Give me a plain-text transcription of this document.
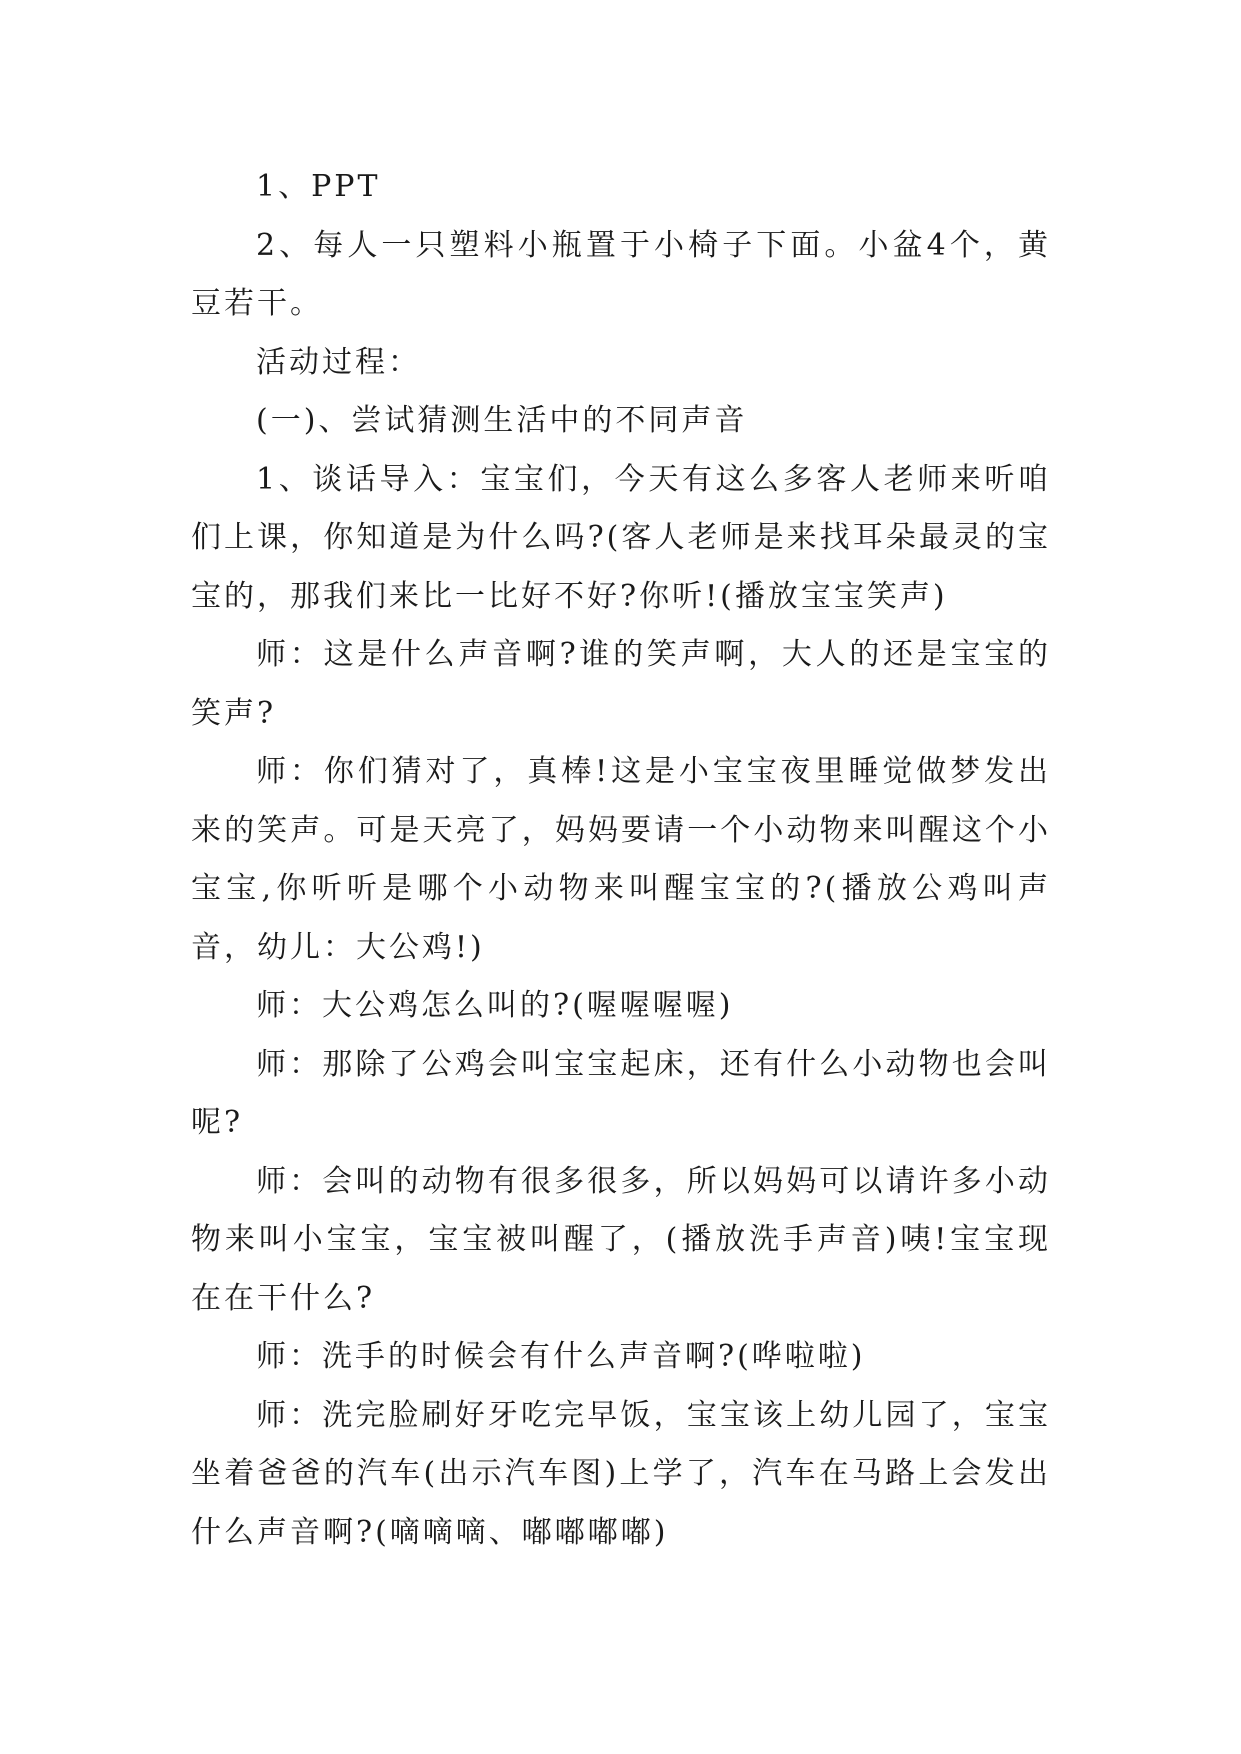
1、PPT

2、每人一只塑料小瓶置于小椅子下面。小盆4个，黄豆若干。

活动过程：

(一)、尝试猜测生活中的不同声音

1、谈话导入：宝宝们，今天有这么多客人老师来听咱们上课，你知道是为什么吗?(客人老师是来找耳朵最灵的宝宝的，那我们来比一比好不好?你听!(播放宝宝笑声)

师：这是什么声音啊?谁的笑声啊，大人的还是宝宝的笑声?

师：你们猜对了，真棒!这是小宝宝夜里睡觉做梦发出来的笑声。可是天亮了，妈妈要请一个小动物来叫醒这个小宝宝,你听听是哪个小动物来叫醒宝宝的?(播放公鸡叫声音，幼儿：大公鸡!)

师：大公鸡怎么叫的?(喔喔喔喔)

师：那除了公鸡会叫宝宝起床，还有什么小动物也会叫呢?

师：会叫的动物有很多很多，所以妈妈可以请许多小动物来叫小宝宝，宝宝被叫醒了，(播放洗手声音)咦!宝宝现在在干什么?

师：洗手的时候会有什么声音啊?(哗啦啦)

师：洗完脸刷好牙吃完早饭，宝宝该上幼儿园了，宝宝坐着爸爸的汽车(出示汽车图)上学了，汽车在马路上会发出什么声音啊?(嘀嘀嘀、嘟嘟嘟嘟)
